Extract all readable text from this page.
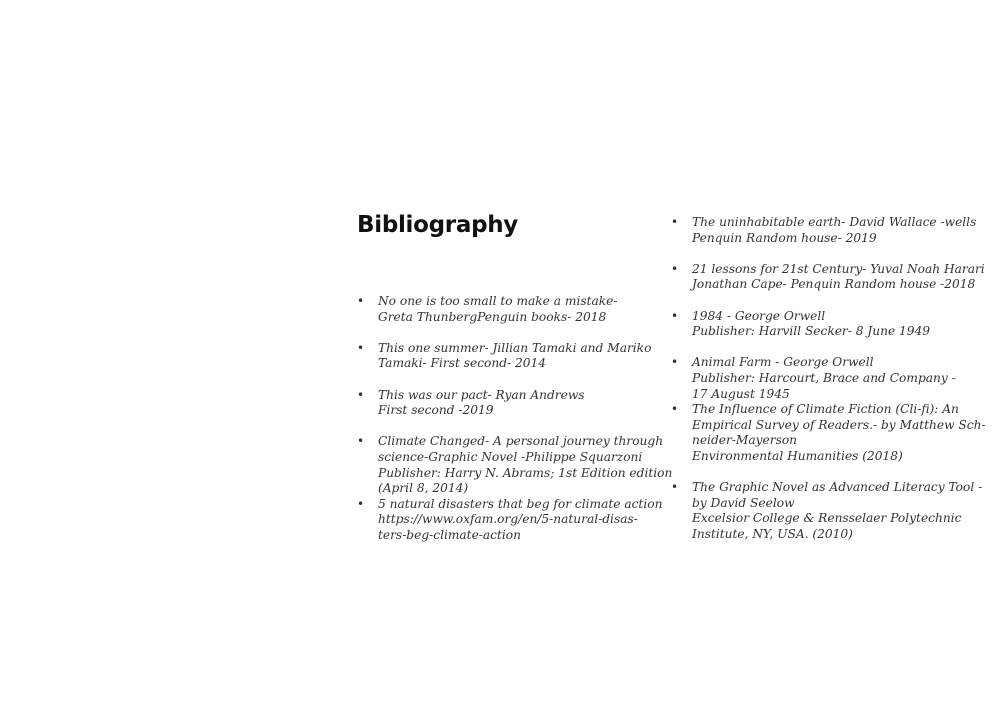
Bibliography
• No one is too small to make a mistake-
Greta ThunbergPenguin books- 2018
• This one summer- Jillian Tamaki and Mariko
Tamaki- First second- 2014
• This was our pact- Ryan Andrews
First second -2019
• Climate Changed- A personal journey through
science-Graphic Novel -Philippe Squarzoni
Publisher: Harry N. Abrams; 1st Edition edition
(April 8, 2014)
• 5 natural disasters that beg for climate action
https://www.oxfam.org/en/5-natural-disas-
ters-beg-climate-action
• The uninhabitable earth- David Wallace -wells
Penquin Random house- 2019
• 21 lessons for 21st Century- Yuval Noah Harari
Jonathan Cape- Penquin Random house -2018
• 1984 - George Orwell
Publisher: Harvill Secker- 8 June 1949
• Animal Farm - George Orwell
Publisher: Harcourt, Brace and Company -
17 August 1945
• The Influence of Climate Fiction (Cli-fi): An
Empirical Survey of Readers.- by Matthew Sch-
neider-Mayerson
Environmental Humanities (2018)
• The Graphic Novel as Advanced Literacy Tool -
by David Seelow
Excelsior College & Rensselaer Polytechnic
Institute, NY, USA. (2010)
